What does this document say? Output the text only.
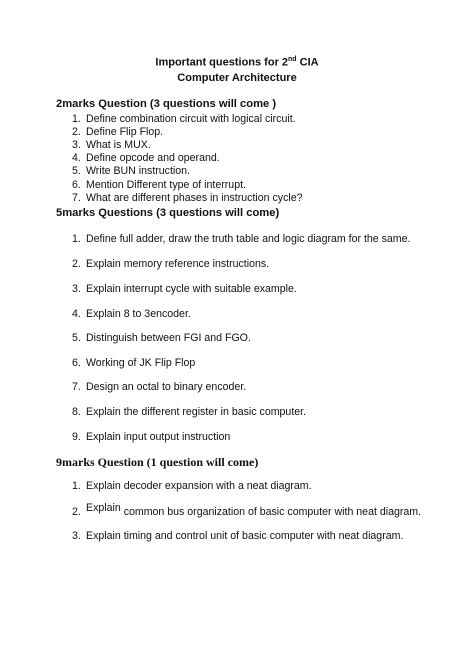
Important questions for 2nd CIA
Computer Architecture
2marks Question (3 questions will come )
1. Define combination circuit with logical circuit.
2. Define Flip Flop.
3. What is MUX.
4. Define opcode and operand.
5. Write BUN instruction.
6. Mention Different type of interrupt.
7. What are different phases in instruction cycle?
5marks Questions (3 questions will come)
1. Define full adder, draw the truth table and logic diagram for the same.
2. Explain memory reference instructions.
3. Explain interrupt cycle with suitable example.
4. Explain 8 to 3encoder.
5. Distinguish between FGI and FGO.
6. Working of JK Flip Flop
7. Design an octal to binary encoder.
8. Explain the different register in basic computer.
9. Explain input output instruction
9marks Question (1 question will come)
1. Explain decoder expansion with a neat diagram.
2. Explain common bus organization of basic computer with neat diagram.
3. Explain timing and control unit of basic computer with neat diagram.
